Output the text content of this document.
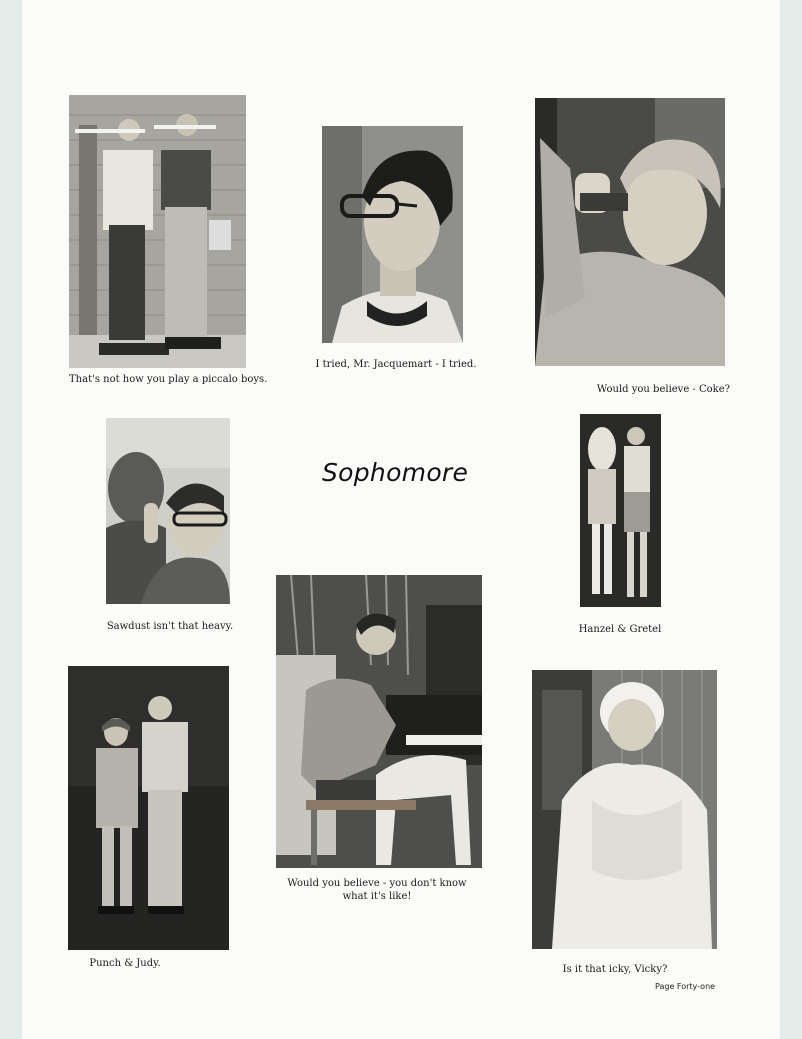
That's not how you play a piccalo boys.
I tried, Mr. Jacquemart - I tried.
Would you believe - Coke?
Sawdust isn't that heavy.
Sophomore
Hanzel & Gretel
Would you believe - you don't know
what it's like!
Punch & Judy.
Is it that icky, Vicky?
Page Forty-one
